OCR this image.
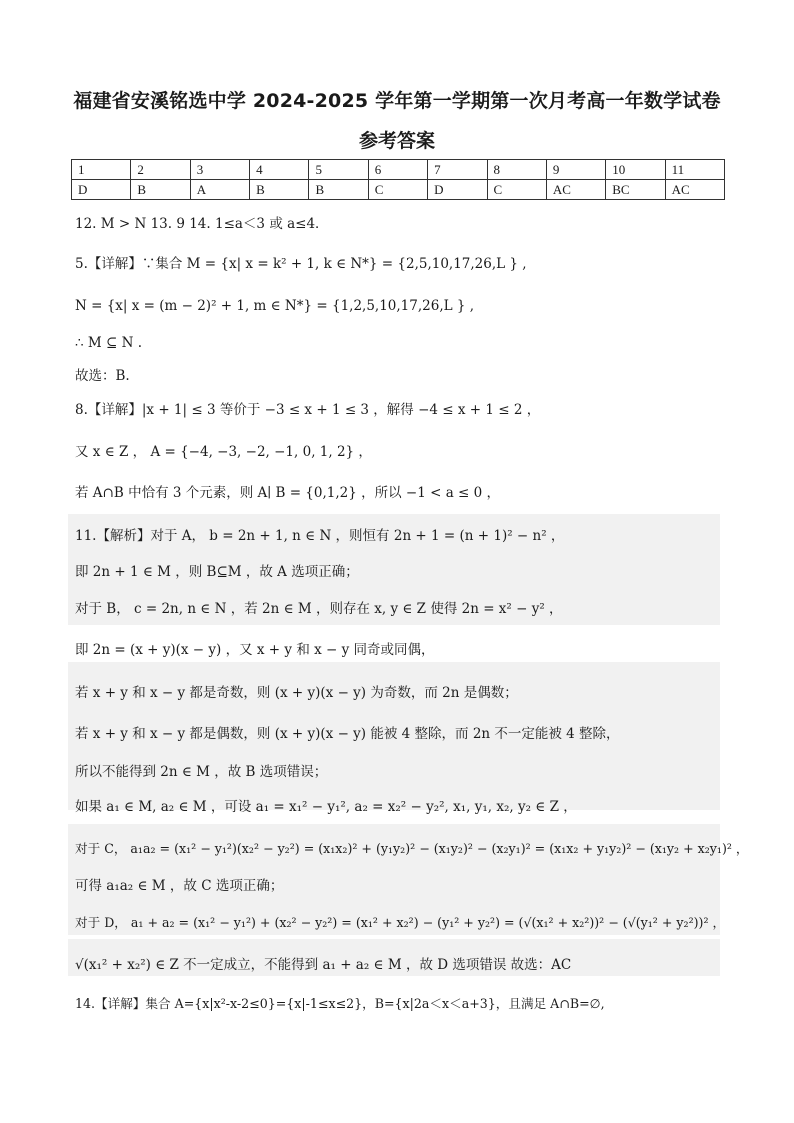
福建省安溪铭选中学 2024-2025 学年第一学期第一次月考高一年数学试卷
参考答案
1	2	3	4	5	6	7	8	9	10	11
D	B	A	B	B	C	D	C	AC	BC	AC
12. M > N 13. 9 14. 1≤a＜3 或 a≤4．
5.【详解】∵集合 M = {x| x = k² + 1, k ∈ N*} = {2,5,10,17,26,L } ,
N = {x| x = (m − 2)² + 1, m ∈ N*} = {1,2,5,10,17,26,L } ,
∴ M ⊆ N .
故选：B.
8.【详解】|x + 1| ≤ 3 等价于 −3 ≤ x + 1 ≤ 3 ，解得 −4 ≤ x + 1 ≤ 2 ，
又 x ∈ Z ， A = {−4, −3, −2, −1, 0, 1, 2} ，
若 A∩B 中恰有 3 个元素，则 A∣ B = {0,1,2} ，所以 −1 < a ≤ 0 ，
11.【解析】对于 A， b = 2n + 1, n ∈ N ，则恒有 2n + 1 = (n + 1)² − n² ，
即 2n + 1 ∈ M ，则 B⊆M ，故 A 选项正确；
对于 B， c = 2n, n ∈ N ，若 2n ∈ M ，则存在 x, y ∈ Z 使得 2n = x² − y² ，
即 2n = (x + y)(x − y) ，又 x + y 和 x − y 同奇或同偶，
若 x + y 和 x − y 都是奇数，则 (x + y)(x − y) 为奇数，而 2n 是偶数；
若 x + y 和 x − y 都是偶数，则 (x + y)(x − y) 能被 4 整除，而 2n 不一定能被 4 整除，
所以不能得到 2n ∈ M ，故 B 选项错误；
如果 a₁ ∈ M, a₂ ∈ M ，可设 a₁ = x₁² − y₁², a₂ = x₂² − y₂², x₁, y₁, x₂, y₂ ∈ Z ，
对于 C， a₁a₂ = (x₁² − y₁²)(x₂² − y₂²) = (x₁x₂)² + (y₁y₂)² − (x₁y₂)² − (x₂y₁)² = (x₁x₂ + y₁y₂)² − (x₁y₂ + x₂y₁)² ，
可得 a₁a₂ ∈ M ，故 C 选项正确；
对于 D， a₁ + a₂ = (x₁² − y₁²) + (x₂² − y₂²) = (x₁² + x₂²) − (y₁² + y₂²) = (√(x₁² + x₂²))² − (√(y₁² + y₂²))² ，
√(x₁² + x₂²) ∈ Z 不一定成立，不能得到 a₁ + a₂ ∈ M ，故 D 选项错误 故选：AC
14.【详解】集合 A={x|x²-x-2≤0}={x|-1≤x≤2}，B={x|2a＜x＜a+3}，且满足 A∩B=∅,
